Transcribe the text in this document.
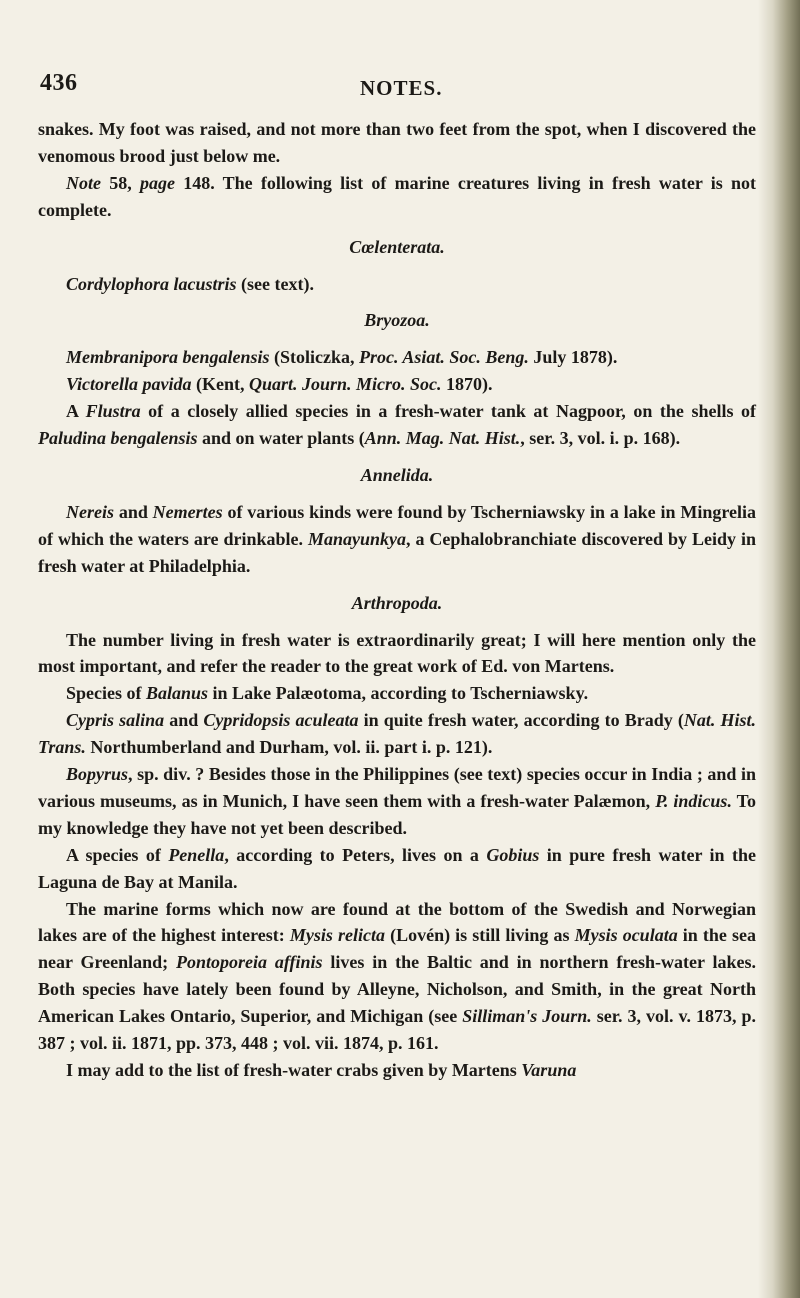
436	NOTES.

snakes. My foot was raised, and not more than two feet from the spot, when I discovered the venomous brood just below me.

Note 58, page 148. The following list of marine creatures living in fresh water is not complete.

Cœlenterata.

Cordylophora lacustris (see text).

Bryozoa.

Membranipora bengalensis (Stoliczka, Proc. Asiat. Soc. Beng. July 1878).

Victorella pavida (Kent, Quart. Journ. Micro. Soc. 1870).

A Flustra of a closely allied species in a fresh-water tank at Nagpoor, on the shells of Paludina bengalensis and on water plants (Ann. Mag. Nat. Hist., ser. 3, vol. i. p. 168).

Annelida.

Nereis and Nemertes of various kinds were found by Tscherniawsky in a lake in Mingrelia of which the waters are drinkable. Manayunkya, a Cephalobranchiate discovered by Leidy in fresh water at Philadelphia.

Arthropoda.

The number living in fresh water is extraordinarily great; I will here mention only the most important, and refer the reader to the great work of Ed. von Martens.

Species of Balanus in Lake Palæotoma, according to Tscherniawsky.

Cypris salina and Cypridopsis aculeata in quite fresh water, according to Brady (Nat. Hist. Trans. Northumberland and Durham, vol. ii. part i. p. 121).

Bopyrus, sp. div. ? Besides those in the Philippines (see text) species occur in India ; and in various museums, as in Munich, I have seen them with a fresh-water Palæmon, P. indicus. To my knowledge they have not yet been described.

A species of Penella, according to Peters, lives on a Gobius in pure fresh water in the Laguna de Bay at Manila.

The marine forms which now are found at the bottom of the Swedish and Norwegian lakes are of the highest interest: Mysis relicta (Lovén) is still living as Mysis oculata in the sea near Greenland; Pontoporeia affinis lives in the Baltic and in northern fresh-water lakes. Both species have lately been found by Alleyne, Nicholson, and Smith, in the great North American Lakes Ontario, Superior, and Michigan (see Silliman's Journ. ser. 3, vol. v. 1873, p. 387 ; vol. ii. 1871, pp. 373, 448 ; vol. vii. 1874, p. 161.

I may add to the list of fresh-water crabs given by Martens Varuna
